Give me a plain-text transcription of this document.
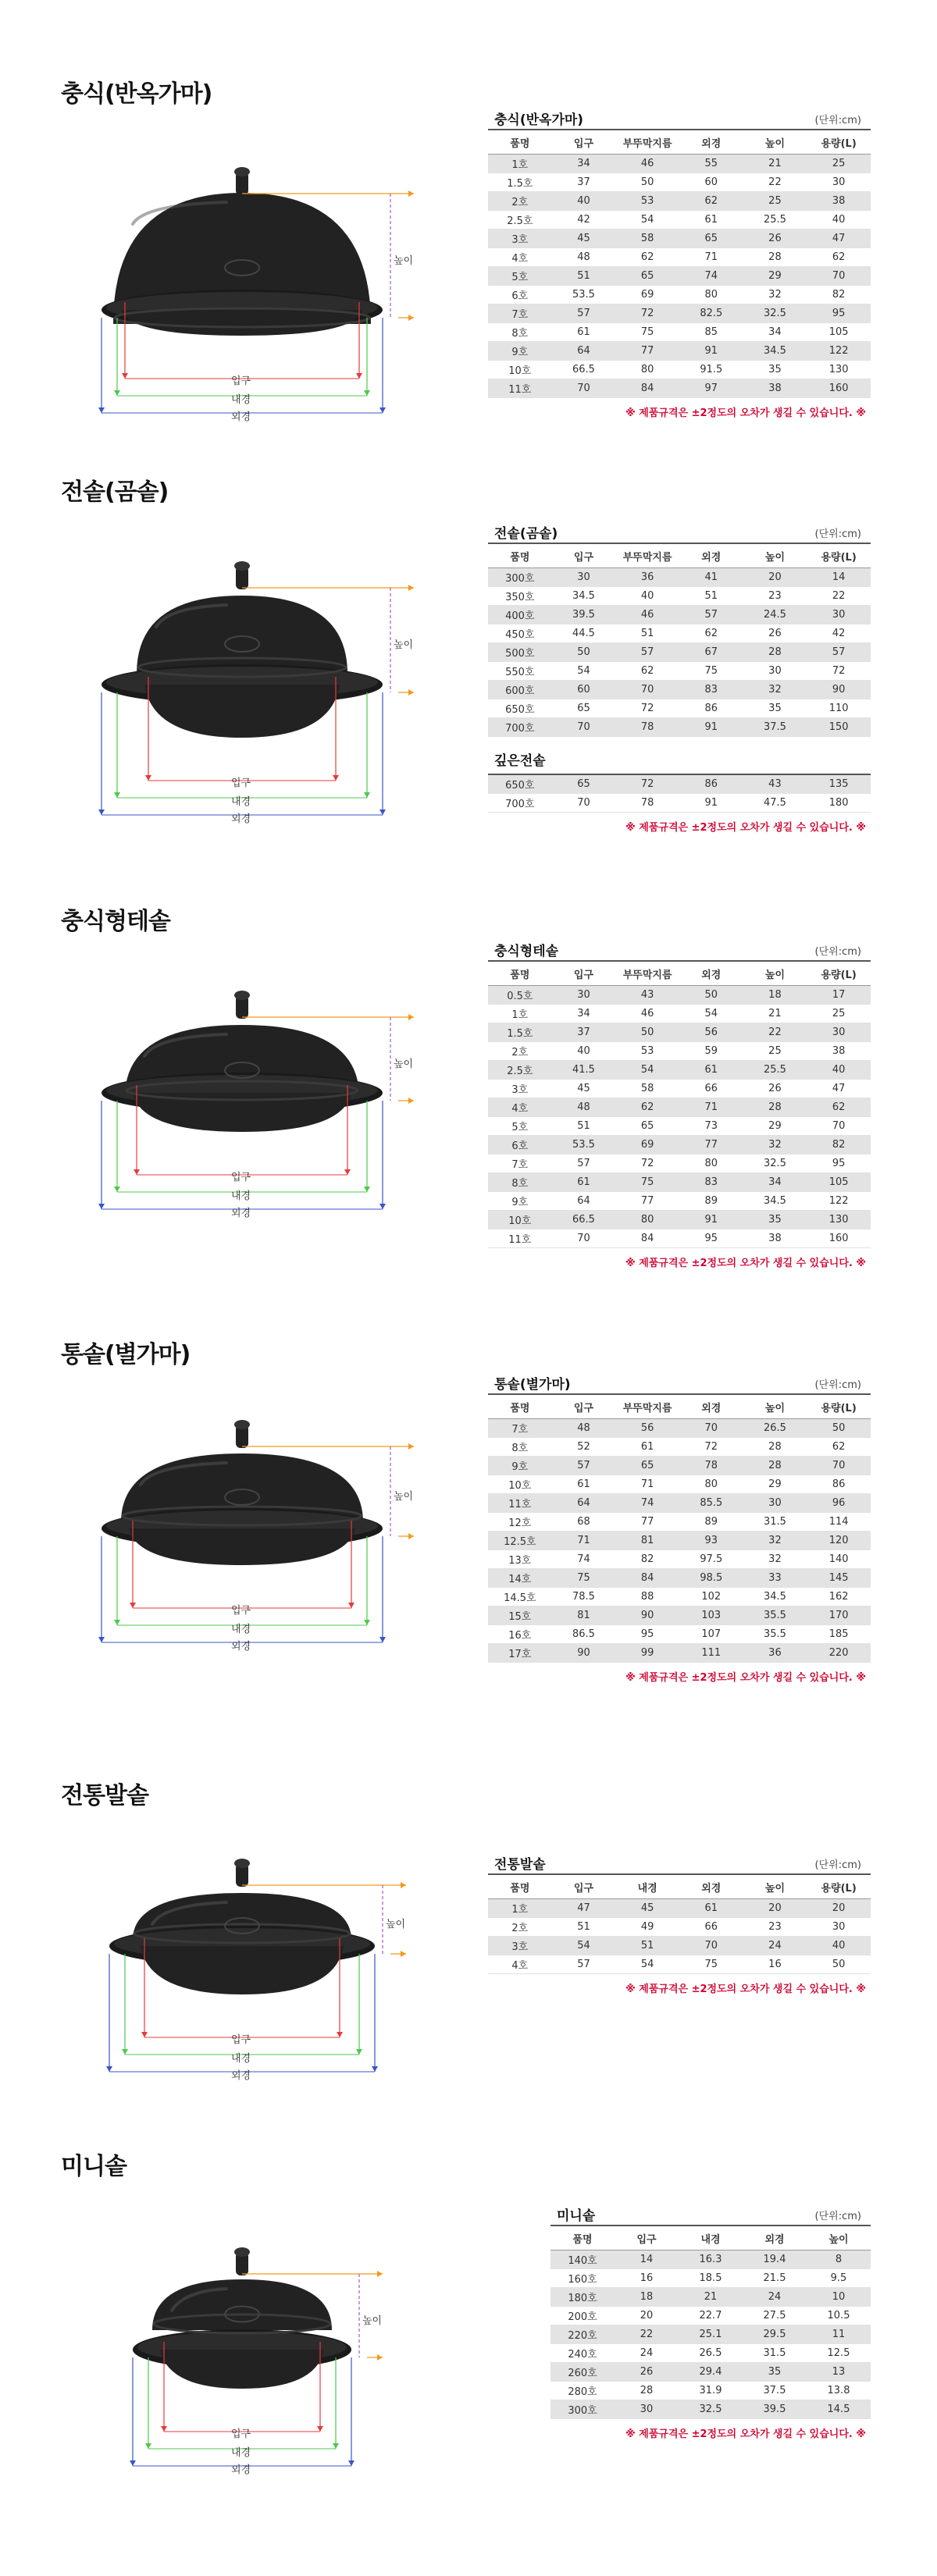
충식(반옥가마)
입구
내경
외경
높이
충식(반옥가마)	(단위:cm)
품명	입구	부뚜막지름	외경	높이	용량(L)
1호	34	46	55	21	25
1.5호	37	50	60	22	30
2호	40	53	62	25	38
2.5호	42	54	61	25.5	40
3호	45	58	65	26	47
4호	48	62	71	28	62
5호	51	65	74	29	70
6호	53.5	69	80	32	82
7호	57	72	82.5	32.5	95
8호	61	75	85	34	105
9호	64	77	91	34.5	122
10호	66.5	80	91.5	35	130
11호	70	84	97	38	160
※ 제품규격은 ±2정도의 오차가 생길 수 있습니다. ※
전솥(곰솥)
입구
내경
외경
높이
전솥(곰솥)	(단위:cm)
품명	입구	부뚜막지름	외경	높이	용량(L)
300호	30	36	41	20	14
350호	34.5	40	51	23	22
400호	39.5	46	57	24.5	30
450호	44.5	51	62	26	42
500호	50	57	67	28	57
550호	54	62	75	30	72
600호	60	70	83	32	90
650호	65	72	86	35	110
700호	70	78	91	37.5	150
깊은전솥
650호	65	72	86	43	135
700호	70	78	91	47.5	180
※ 제품규격은 ±2정도의 오차가 생길 수 있습니다. ※
충식형테솥
입구
내경
외경
높이
충식형테솥	(단위:cm)
품명	입구	부뚜막지름	외경	높이	용량(L)
0.5호	30	43	50	18	17
1호	34	46	54	21	25
1.5호	37	50	56	22	30
2호	40	53	59	25	38
2.5호	41.5	54	61	25.5	40
3호	45	58	66	26	47
4호	48	62	71	28	62
5호	51	65	73	29	70
6호	53.5	69	77	32	82
7호	57	72	80	32.5	95
8호	61	75	83	34	105
9호	64	77	89	34.5	122
10호	66.5	80	91	35	130
11호	70	84	95	38	160
※ 제품규격은 ±2정도의 오차가 생길 수 있습니다. ※
통솥(별가마)
입구
내경
외경
높이
통솥(별가마)	(단위:cm)
품명	입구	부뚜막지름	외경	높이	용량(L)
7호	48	56	70	26.5	50
8호	52	61	72	28	62
9호	57	65	78	28	70
10호	61	71	80	29	86
11호	64	74	85.5	30	96
12호	68	77	89	31.5	114
12.5호	71	81	93	32	120
13호	74	82	97.5	32	140
14호	75	84	98.5	33	145
14.5호	78.5	88	102	34.5	162
15호	81	90	103	35.5	170
16호	86.5	95	107	35.5	185
17호	90	99	111	36	220
※ 제품규격은 ±2정도의 오차가 생길 수 있습니다. ※
전통발솥
입구
내경
외경
높이
전통발솥	(단위:cm)
품명	입구	내경	외경	높이	용량(L)
1호	47	45	61	20	20
2호	51	49	66	23	30
3호	54	51	70	24	40
4호	57	54	75	16	50
※ 제품규격은 ±2정도의 오차가 생길 수 있습니다. ※
미니솥
입구
내경
외경
높이
미니솥	(단위:cm)
품명	입구	내경	외경	높이
140호	14	16.3	19.4	8
160호	16	18.5	21.5	9.5
180호	18	21	24	10
200호	20	22.7	27.5	10.5
220호	22	25.1	29.5	11
240호	24	26.5	31.5	12.5
260호	26	29.4	35	13
280호	28	31.9	37.5	13.8
300호	30	32.5	39.5	14.5
※ 제품규격은 ±2정도의 오차가 생길 수 있습니다. ※
